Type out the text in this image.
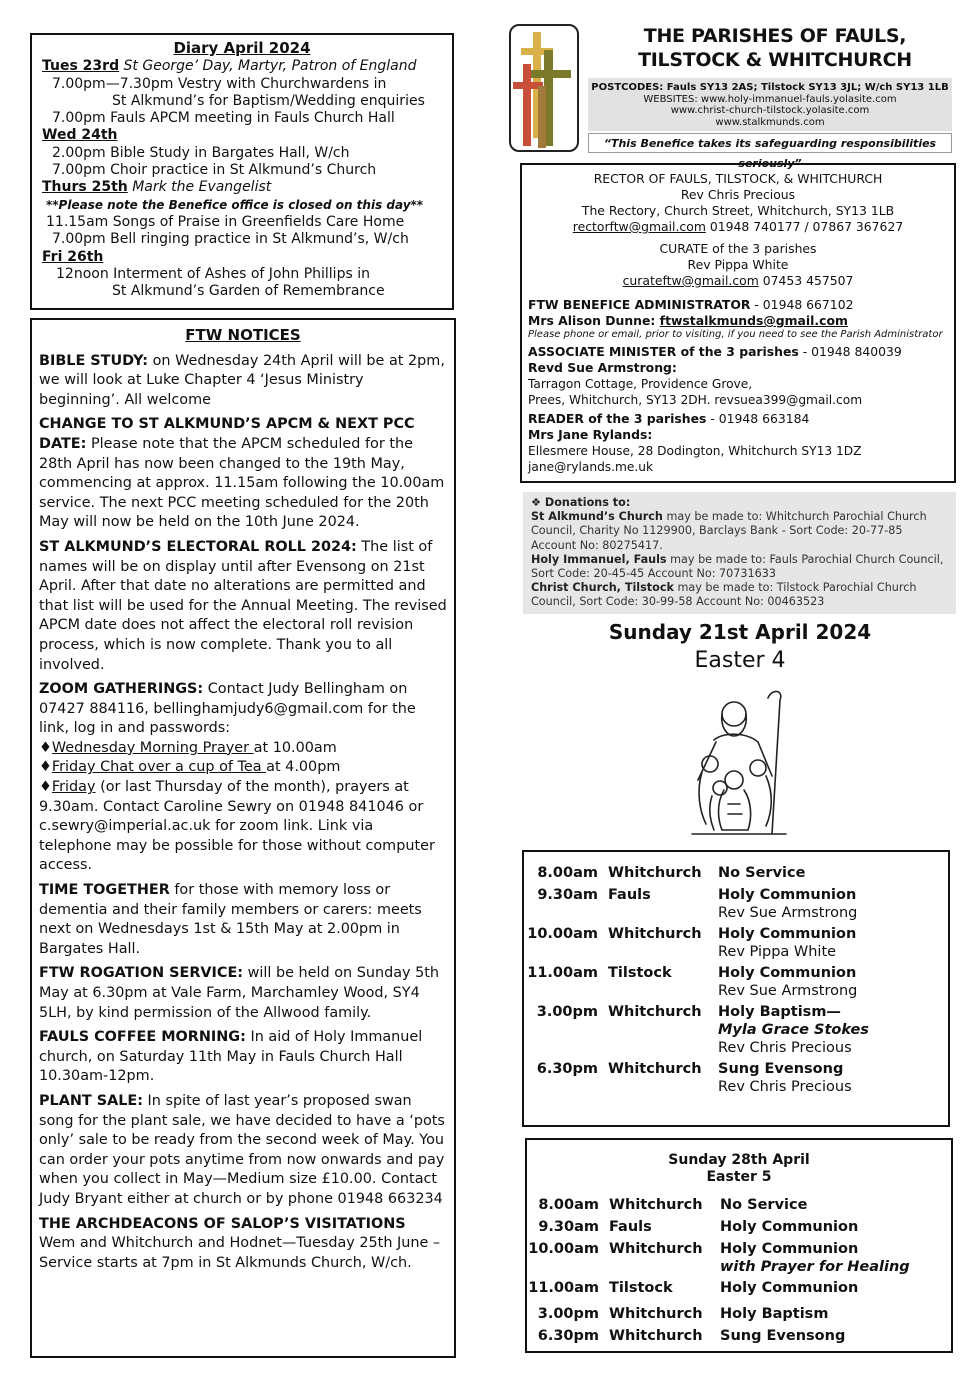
Diary April 2024
Tues 23rd St George’ Day, Martyr, Patron of England
7.00pm—7.30pm Vestry with Churchwardens in
St Alkmund’s for Baptism/Wedding enquiries
7.00pm Fauls APCM meeting in Fauls Church Hall
Wed 24th
2.00pm Bible Study in Bargates Hall, W/ch
7.00pm Choir practice in St Alkmund’s Church
Thurs 25th Mark the Evangelist
**Please note the Benefice office is closed on this day**
11.15am Songs of Praise in Greenfields Care Home
7.00pm Bell ringing practice in St Alkmund’s, W/ch
Fri 26th
12noon Interment of Ashes of John Phillips in
St Alkmund’s Garden of Remembrance
FTW NOTICES

BIBLE STUDY: on Wednesday 24th April will be at 2pm, we will look at Luke Chapter 4 ‘Jesus Ministry beginning’. All welcome

CHANGE TO ST ALKMUND’S APCM & NEXT PCC DATE: Please note that the APCM scheduled for the 28th April has now been changed to the 19th May, commencing at approx. 11.15am following the 10.00am service. The next PCC meeting scheduled for the 20th May will now be held on the 10th June 2024.

ST ALKMUND’S ELECTORAL ROLL 2024: The list of names will be on display until after Evensong on 21st April. After that date no alterations are permitted and that list will be used for the Annual Meeting. The revised APCM date does not affect the electoral roll revision process, which is now complete. Thank you to all involved.

ZOOM GATHERINGS: Contact Judy Bellingham on 07427 884116, bellinghamjudy6@gmail.com for the link, log in and passwords:
♦Wednesday Morning Prayer at 10.00am
♦Friday Chat over a cup of Tea at 4.00pm
♦Friday (or last Thursday of the month), prayers at 9.30am. Contact Caroline Sewry on 01948 841046 or c.sewry@imperial.ac.uk for zoom link. Link via telephone may be possible for those without computer access.

TIME TOGETHER for those with memory loss or dementia and their family members or carers: meets next on Wednesdays 1st & 15th May at 2.00pm in Bargates Hall.

FTW ROGATION SERVICE: will be held on Sunday 5th May at 6.30pm at Vale Farm, Marchamley Wood, SY4 5LH, by kind permission of the Allwood family.

FAULS COFFEE MORNING: In aid of Holy Immanuel church, on Saturday 11th May in Fauls Church Hall 10.30am-12pm.

PLANT SALE: In spite of last year’s proposed swan song for the plant sale, we have decided to have a ‘pots only’ sale to be ready from the second week of May. You can order your pots anytime from now onwards and pay when you collect in May—Medium size £10.00. Contact Judy Bryant either at church or by phone 01948 663234

THE ARCHDEACONS OF SALOP’S VISITATIONS
Wem and Whitchurch and Hodnet—Tuesday 25th June – Service starts at 7pm in St Alkmunds Church, W/ch.

THE PARISHES OF FAULS,
TILSTOCK & WHITCHURCH
POSTCODES: Fauls SY13 2AS; Tilstock SY13 3JL; W/ch SY13 1LB
WEBSITES: www.holy-immanuel-fauls.yolasite.com
www.christ-church-tilstock.yolasite.com
www.stalkmunds.com
“This Benefice takes its safeguarding responsibilities seriously”
RECTOR OF FAULS, TILSTOCK, & WHITCHURCH
Rev Chris Precious
The Rectory, Church Street, Whitchurch, SY13 1LB
rectorftw@gmail.com 01948 740177 / 07867 367627
CURATE of the 3 parishes
Rev Pippa White
curateftw@gmail.com 07453 457507
FTW BENEFICE ADMINISTRATOR - 01948 667102
Mrs Alison Dunne: ftwstalkmunds@gmail.com
Please phone or email, prior to visiting, if you need to see the Parish Administrator
ASSOCIATE MINISTER of the 3 parishes - 01948 840039
Revd Sue Armstrong:
Tarragon Cottage, Providence Grove,
Prees, Whitchurch, SY13 2DH. revsuea399@gmail.com
READER of the 3 parishes - 01948 663184
Mrs Jane Rylands:
Ellesmere House, 28 Dodington, Whitchurch SY13 1DZ
jane@rylands.me.uk
❖ Donations to:
St Alkmund’s Church may be made to: Whitchurch Parochial Church Council, Charity No 1129900, Barclays Bank - Sort Code: 20-77-85 Account No: 80275417.
Holy Immanuel, Fauls may be made to: Fauls Parochial Church Council, Sort Code: 20-45-45 Account No: 70731633
Christ Church, Tilstock may be made to: Tilstock Parochial Church Council, Sort Code: 30-99-58 Account No: 00463523
Sunday 21st April 2024
Easter 4
8.00am Whitchurch No Service
9.30am Fauls	Holy Communion
Rev Sue Armstrong
10.00am Whitchurch Holy Communion
Rev Pippa White
11.00am Tilstock	Holy Communion
Rev Sue Armstrong
3.00pm Whitchurch Holy Baptism—
Myla Grace Stokes
Rev Chris Precious
6.30pm Whitchurch Sung Evensong
Rev Chris Precious
Sunday 28th April
Easter 5
8.00am Whitchurch No Service
9.30am Fauls	Holy Communion
10.00am Whitchurch Holy Communion
with Prayer for Healing
11.00am Tilstock	Holy Communion
3.00pm Whitchurch Holy Baptism
6.30pm Whitchurch Sung Evensong
